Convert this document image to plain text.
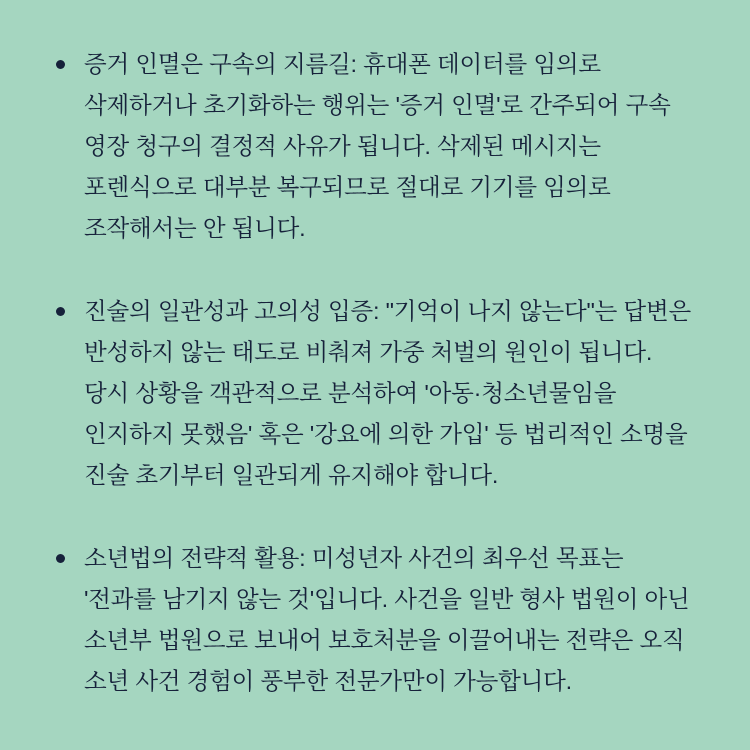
증거 인멸은 구속의 지름길: 휴대폰 데이터를 임의로 삭제하거나 초기화하는 행위는 '증거 인멸'로 간주되어 구속 영장 청구의 결정적 사유가 됩니다. 삭제된 메시지는 포렌식으로 대부분 복구되므로 절대로 기기를 임의로 조작해서는 안 됩니다.
진술의 일관성과 고의성 입증: "기억이 나지 않는다"는 답변은 반성하지 않는 태도로 비춰져 가중 처벌의 원인이 됩니다. 당시 상황을 객관적으로 분석하여 '아동·청소년물임을 인지하지 못했음' 혹은 '강요에 의한 가입' 등 법리적인 소명을 진술 초기부터 일관되게 유지해야 합니다.
소년법의 전략적 활용: 미성년자 사건의 최우선 목표는 '전과를 남기지 않는 것'입니다. 사건을 일반 형사 법원이 아닌 소년부 법원으로 보내어 보호처분을 이끌어내는 전략은 오직 소년 사건 경험이 풍부한 전문가만이 가능합니다.
